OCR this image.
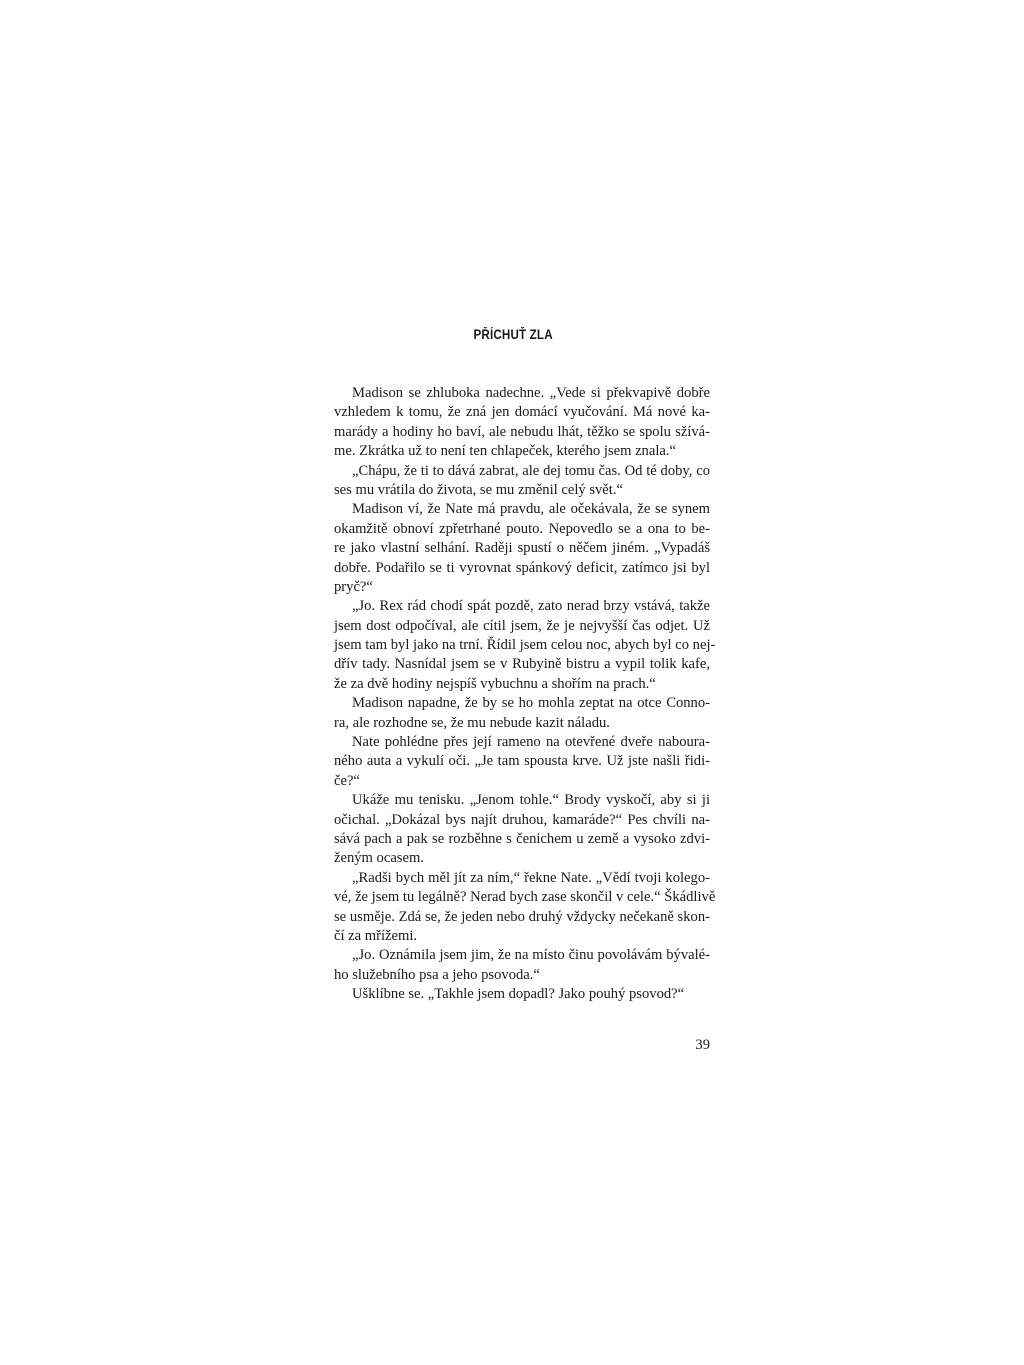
PŘÍCHUŤ ZLA
Madison se zhluboka nadechne. „Vede si překvapivě dobře
vzhledem k tomu, že zná jen domácí vyučování. Má nové ka-
marády a hodiny ho baví, ale nebudu lhát, těžko se spolu sžívá-
me. Zkrátka už to není ten chlapeček, kterého jsem znala.“
„Chápu, že ti to dává zabrat, ale dej tomu čas. Od té doby, co
ses mu vrátila do života, se mu změnil celý svět.“
Madison ví, že Nate má pravdu, ale očekávala, že se synem
okamžitě obnoví zpřetrhané pouto. Nepovedlo se a ona to be-
re jako vlastní selhání. Raději spustí o něčem jiném. „Vypadáš
dobře. Podařilo se ti vyrovnat spánkový deficit, zatímco jsi byl
pryč?“
„Jo. Rex rád chodí spát pozdě, zato nerad brzy vstává, takže
jsem dost odpočíval, ale cítil jsem, že je nejvyšší čas odjet. Už
jsem tam byl jako na trní. Řídil jsem celou noc, abych byl co nej-
dřív tady. Nasnídal jsem se v Rubyině bistru a vypil tolik kafe,
že za dvě hodiny nejspíš vybuchnu a shořím na prach.“
Madison napadne, že by se ho mohla zeptat na otce Conno-
ra, ale rozhodne se, že mu nebude kazit náladu.
Nate pohlédne přes její rameno na otevřené dveře naboura-
ného auta a vykulí oči. „Je tam spousta krve. Už jste našli řidi-
če?“
Ukáže mu tenisku. „Jenom tohle.“ Brody vyskočí, aby si ji
očichal. „Dokázal bys najít druhou, kamaráde?“ Pes chvíli na-
sává pach a pak se rozběhne s čenichem u země a vysoko zdvi-
ženým ocasem.
„Radši bych měl jít za ním,“ řekne Nate. „Vědí tvoji kolego-
vé, že jsem tu legálně? Nerad bych zase skončil v cele.“ Škádlivě
se usměje. Zdá se, že jeden nebo druhý vždycky nečekaně skon-
čí za mřížemi.
„Jo. Oznámila jsem jim, že na místo činu povolávám bývalé-
ho služebního psa a jeho psovoda.“
Ušklíbne se. „Takhle jsem dopadl? Jako pouhý psovod?“
39
